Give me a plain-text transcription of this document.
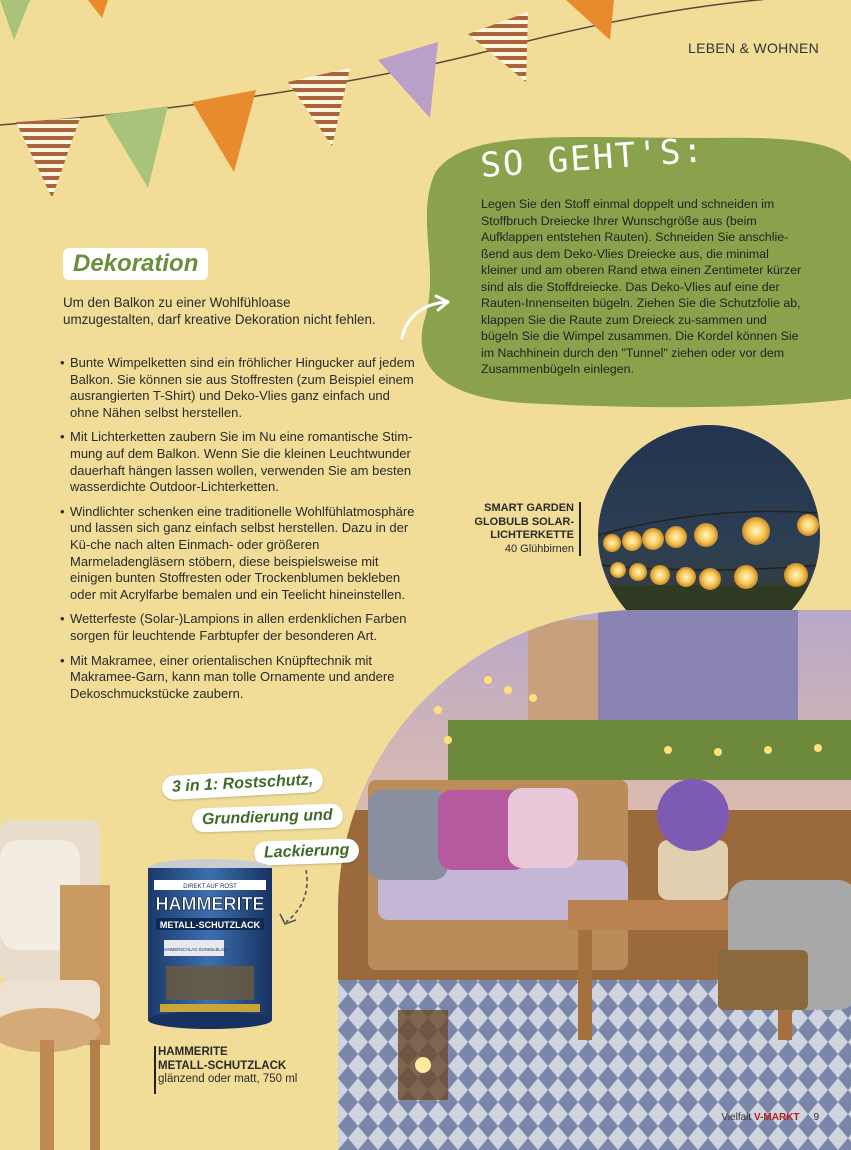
LEBEN & WOHNEN
SO GEHT'S:
Legen Sie den Stoff einmal doppelt und schneiden im Stoffbruch Dreiecke Ihrer Wunschgröße aus (beim Aufklappen entstehen Rauten). Schneiden Sie anschlie-ßend aus dem Deko-Vlies Dreiecke aus, die minimal kleiner und am oberen Rand etwa einen Zentimeter kürzer sind als die Stoffdreiecke. Das Deko-Vlies auf eine der Rauten-Innenseiten bügeln. Ziehen Sie die Schutzfolie ab, klappen Sie die Raute zum Dreieck zu-sammen und bügeln Sie die Wimpel zusammen. Die Kordel können Sie im Nachhinein durch den "Tunnel" ziehen oder vor dem Zusammenbügeln einlegen.
Dekoration
Um den Balkon zu einer Wohlfühloase umzugestalten, darf kreative Dekoration nicht fehlen.
• Bunte Wimpelketten sind ein fröhlicher Hingucker auf jedem Balkon. Sie können sie aus Stoffresten (zum Beispiel einem ausrangierten T-Shirt) und Deko-Vlies ganz einfach und ohne Nähen selbst herstellen.
• Mit Lichterketten zaubern Sie im Nu eine romantische Stim-mung auf dem Balkon. Wenn Sie die kleinen Leuchtwunder dauerhaft hängen lassen wollen, verwenden Sie am besten wasserdichte Outdoor-Lichterketten.
• Windlichter schenken eine traditionelle Wohlfühlatmosphäre und lassen sich ganz einfach selbst herstellen. Dazu in der Kü-che nach alten Einmach- oder größeren Marmeladengläsern stöbern, diese beispielsweise mit einigen bunten Stoffresten oder Trockenblumen bekleben oder mit Acrylfarbe bemalen und ein Teelicht hineinstellen.
• Wetterfeste (Solar-)Lampions in allen erdenklichen Farben sorgen für leuchtende Farbtupfer der besonderen Art.
• Mit Makramee, einer orientalischen Knüpftechnik mit Makramee-Garn, kann man tolle Ornamente und andere Dekoschmuckstücke zaubern.
SMART GARDEN
GLOBULB SOLAR-
LICHTERKETTE
40 Glühbirnen
3 in 1: Rostschutz,
Grundierung und
Lackierung
DIREKT AUF ROST
HAMMERITE
METALL-SCHUTZLACK
HAMMERSCHLAG DUNKELBLAU
HAMMERITE
METALL-SCHUTZLACK
glänzend oder matt, 750 ml
Vielfalt V-MARKT 9
